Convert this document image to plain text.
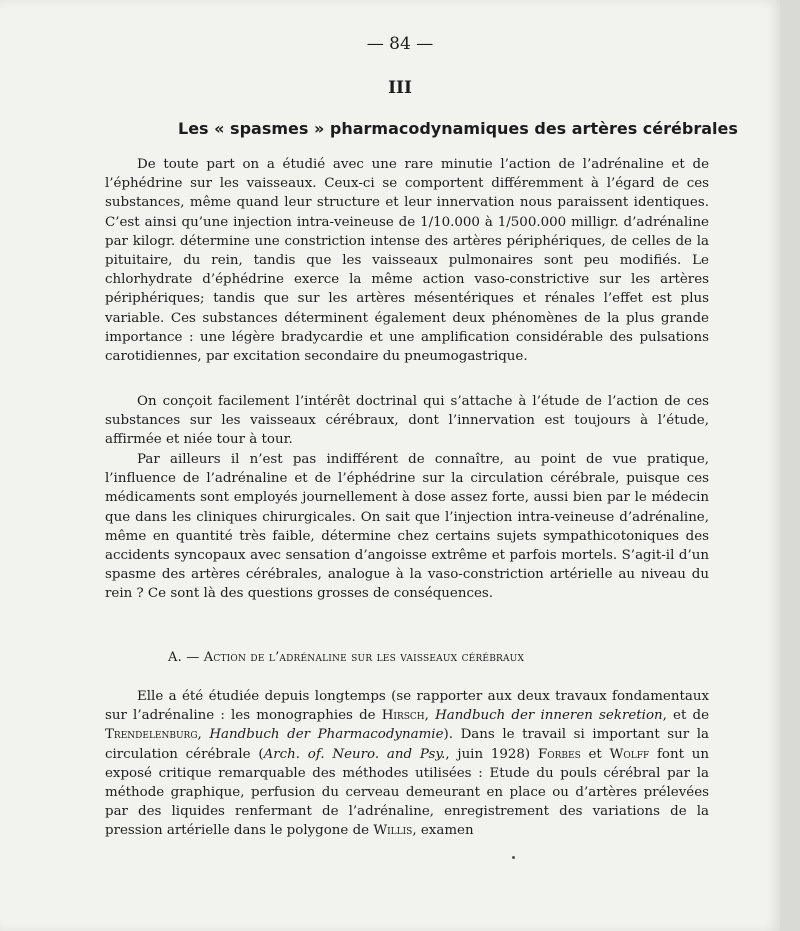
— 84 —
III
Les « spasmes » pharmacodynamiques des artères cérébrales

De toute part on a étudié avec une rare minutie l’action de l’adrénaline et de l’éphédrine sur les vaisseaux. Ceux-ci se comportent différemment à l’égard de ces substances, même quand leur structure et leur innervation nous paraissent identiques. C’est ainsi qu’une injection intra-veineuse de 1/10.000 à 1/500.000 milligr. d’adrénaline par kilogr. détermine une constriction intense des artères périphériques, de celles de la pituitaire, du rein, tandis que les vaisseaux pulmonaires sont peu modifiés. Le chlorhydrate d’éphédrine exerce la même action vaso-constrictive sur les artères périphériques; tandis que sur les artères mésentériques et rénales l’effet est plus variable. Ces substances déterminent également deux phénomènes de la plus grande importance : une légère bradycardie et une amplification considérable des pulsations carotidiennes, par excitation secondaire du pneumogastrique.

On conçoit facilement l’intérêt doctrinal qui s’attache à l’étude de l’action de ces substances sur les vaisseaux cérébraux, dont l’innervation est toujours à l’étude, affirmée et niée tour à tour.

Par ailleurs il n’est pas indifférent de connaître, au point de vue pratique, l’influence de l’adrénaline et de l’éphédrine sur la circulation cérébrale, puisque ces médicaments sont employés journellement à dose assez forte, aussi bien par le médecin que dans les cliniques chirurgicales. On sait que l’injection intra-veineuse d’adrénaline, même en quantité très faible, détermine chez certains sujets sympathicotoniques des accidents syncopaux avec sensation d’angoisse extrême et parfois mortels. S’agit-il d’un spasme des artères cérébrales, analogue à la vaso-constriction artérielle au niveau du rein ? Ce sont là des questions grosses de conséquences.

A. — Action de l’adrénaline sur les vaisseaux cérébraux

Elle a été étudiée depuis longtemps (se rapporter aux deux travaux fondamentaux sur l’adrénaline : les monographies de Hirsch, Handbuch der inneren sekretion, et de Trendelenburg, Handbuch der Pharmacodynamie). Dans le travail si important sur la circulation cérébrale (Arch. of. Neuro. and Psy., juin 1928) Forbes et Wolff font un exposé critique remarquable des méthodes utilisées : Etude du pouls cérébral par la méthode graphique, perfusion du cerveau demeurant en place ou d’artères prélevées par des liquides renfermant de l’adrénaline, enregistrement des variations de la pression artérielle dans le polygone de Willis, examen
